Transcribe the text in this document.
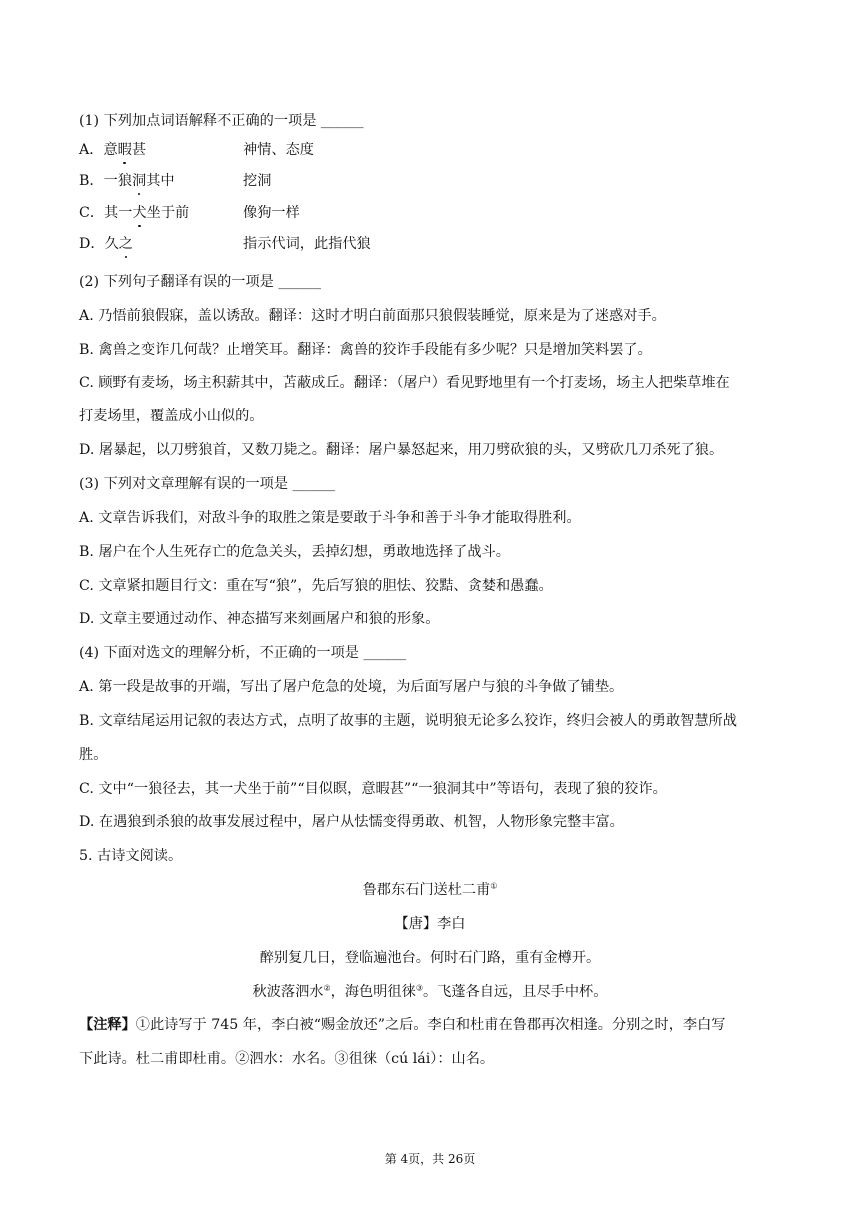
(1) 下列加点词语解释不正确的一项是 ______
A．意暇甚	神情、态度
B．一狼洞其中	挖洞
C．其一犬坐于前	像狗一样
D．久之	指示代词，此指代狼
(2) 下列句子翻译有误的一项是 ______
A. 乃悟前狼假寐，盖以诱敌。翻译：这时才明白前面那只狼假装睡觉，原来是为了迷惑对手。
B. 禽兽之变诈几何哉？止增笑耳。翻译：禽兽的狡诈手段能有多少呢？只是增加笑料罢了。
C. 顾野有麦场，场主积薪其中，苫蔽成丘。翻译：（屠户）看见野地里有一个打麦场，场主人把柴草堆在
打麦场里，覆盖成小山似的。
D. 屠暴起，以刀劈狼首，又数刀毙之。翻译：屠户暴怒起来，用刀劈砍狼的头，又劈砍几刀杀死了狼。
(3) 下列对文章理解有误的一项是 ______
A. 文章告诉我们，对敌斗争的取胜之策是要敢于斗争和善于斗争才能取得胜利。
B. 屠户在个人生死存亡的危急关头，丢掉幻想，勇敢地选择了战斗。
C. 文章紧扣题目行文：重在写“狼”，先后写狼的胆怯、狡黠、贪婪和愚蠢。
D. 文章主要通过动作、神态描写来刻画屠户和狼的形象。
(4) 下面对选文的理解分析，不正确的一项是 ______
A. 第一段是故事的开端，写出了屠户危急的处境，为后面写屠户与狼的斗争做了铺垫。
B. 文章结尾运用记叙的表达方式，点明了故事的主题，说明狼无论多么狡诈，终归会被人的勇敢智慧所战
胜。
C. 文中“一狼径去，其一犬坐于前”“目似瞑，意暇甚”“一狼洞其中”等语句，表现了狼的狡诈。
D. 在遇狼到杀狼的故事发展过程中，屠户从怯懦变得勇敢、机智，人物形象完整丰富。
5. 古诗文阅读。
鲁郡东石门送杜二甫①
【唐】李白
醉别复几日，登临遍池台。何时石门路，重有金樽开。
秋波落泗水②，海色明徂徕③。飞蓬各自远，且尽手中杯。
【注释】①此诗写于 745 年，李白被“赐金放还”之后。李白和杜甫在鲁郡再次相逢。分别之时，李白写
下此诗。杜二甫即杜甫。②泗水：水名。③徂徕（cú lái）：山名。
第 4页，共 26页
